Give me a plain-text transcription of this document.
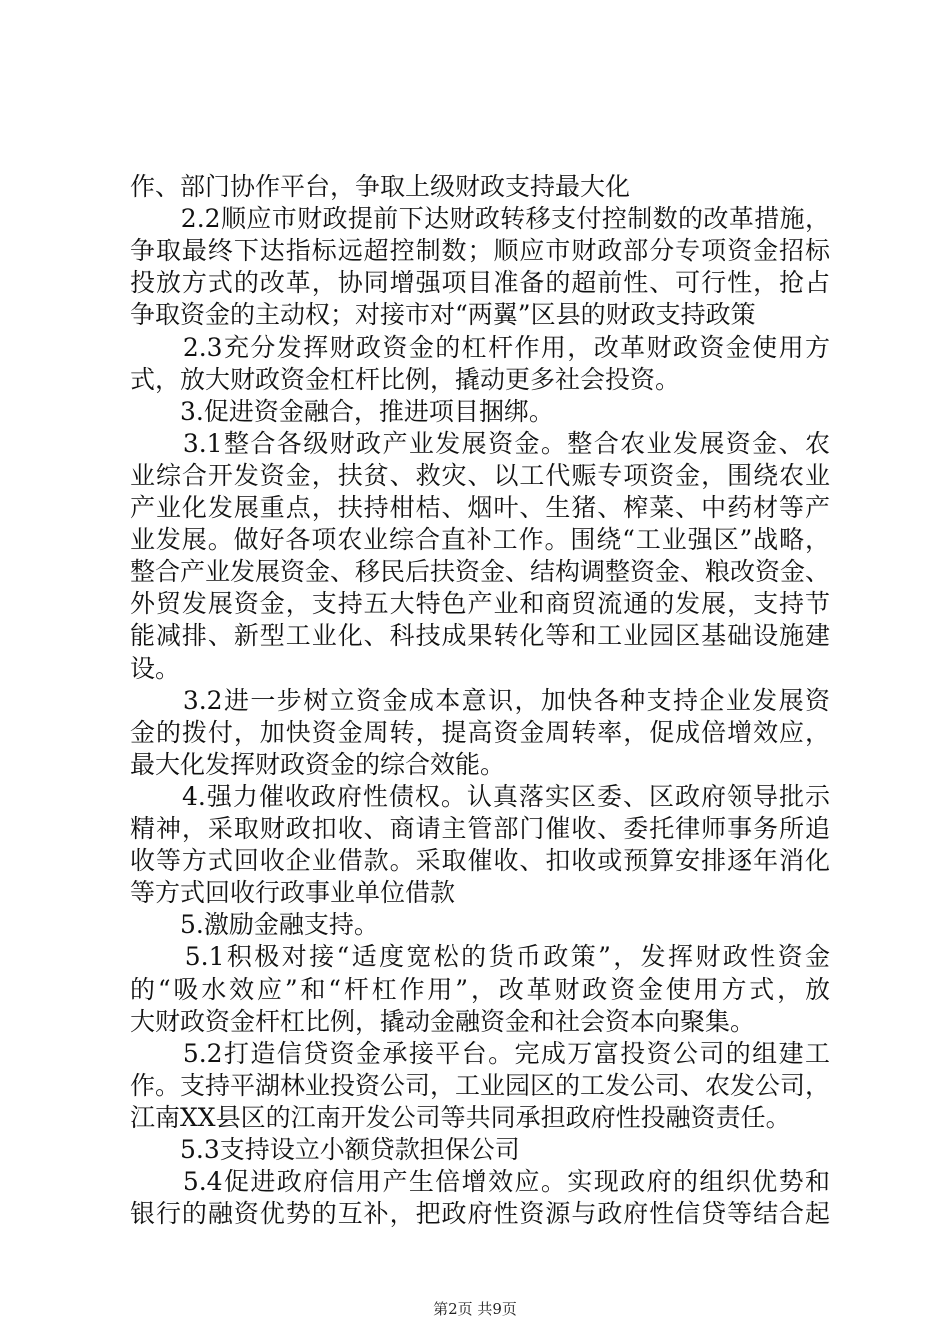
作、部门协作平台，争取上级财政支持最大化
　　2.2顺应市财政提前下达财政转移支付控制数的改革措施，
争取最终下达指标远超控制数；顺应市财政部分专项资金招标
投放方式的改革，协同增强项目准备的超前性、可行性，抢占
争取资金的主动权；对接市对“两翼”区县的财政支持政策
　　2.3充分发挥财政资金的杠杆作用，改革财政资金使用方
式，放大财政资金杠杆比例，撬动更多社会投资。
　　3.促进资金融合，推进项目捆绑。
　　3.1整合各级财政产业发展资金。整合农业发展资金、农
业综合开发资金，扶贫、救灾、以工代赈专项资金，围绕农业
产业化发展重点，扶持柑桔、烟叶、生猪、榨菜、中药材等产
业发展。做好各项农业综合直补工作。围绕“工业强区”战略，
整合产业发展资金、移民后扶资金、结构调整资金、粮改资金、
外贸发展资金，支持五大特色产业和商贸流通的发展，支持节
能减排、新型工业化、科技成果转化等和工业园区基础设施建
设。
　　3.2进一步树立资金成本意识，加快各种支持企业发展资
金的拨付，加快资金周转，提高资金周转率，促成倍增效应，
最大化发挥财政资金的综合效能。
　　4.强力催收政府性债权。认真落实区委、区政府领导批示
精神，采取财政扣收、商请主管部门催收、委托律师事务所追
收等方式回收企业借款。采取催收、扣收或预算安排逐年消化
等方式回收行政事业单位借款
　　5.激励金融支持。
　　5.1积极对接“适度宽松的货币政策”，发挥财政性资金
的“吸水效应”和“杆杠作用”，改革财政资金使用方式，放
大财政资金杆杠比例，撬动金融资金和社会资本向聚集。
　　5.2打造信贷资金承接平台。完成万富投资公司的组建工
作。支持平湖林业投资公司，工业园区的工发公司、农发公司，
江南XX县区的江南开发公司等共同承担政府性投融资责任。
　　5.3支持设立小额贷款担保公司
　　5.4促进政府信用产生倍增效应。实现政府的组织优势和
银行的融资优势的互补，把政府性资源与政府性信贷等结合起
第2页 共9页
